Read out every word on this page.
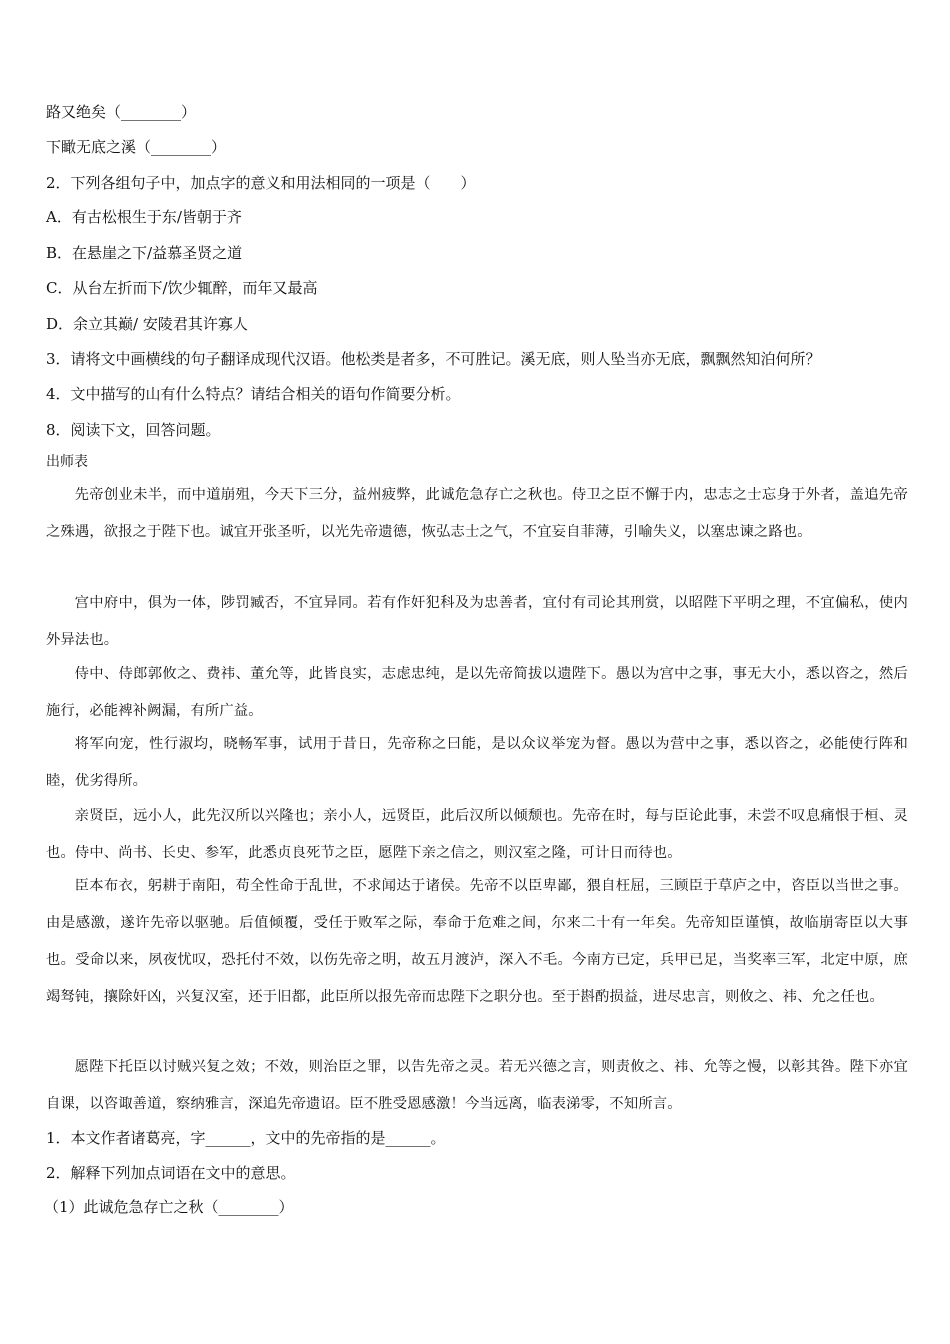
路又绝矣（________）

下瞰无底之溪（________）

2．下列各组句子中，加点字的意义和用法相同的一项是（　　）

A．有古松根生于东/皆朝于齐

B．在悬崖之下/益慕圣贤之道

C．从台左折而下/饮少辄醉，而年又最高

D．余立其巅/ 安陵君其许寡人

3．请将文中画横线的句子翻译成现代汉语。他松类是者多，不可胜记。溪无底，则人坠当亦无底，飘飘然知泊何所？

4．文中描写的山有什么特点？请结合相关的语句作简要分析。

8．阅读下文，回答问题。

出师表

先帝创业未半，而中道崩殂，今天下三分，益州疲弊，此诚危急存亡之秋也。侍卫之臣不懈于内，忠志之士忘身于外者，盖追先帝之殊遇，欲报之于陛下也。诚宜开张圣听，以光先帝遗德，恢弘志士之气，不宜妄自菲薄，引喻失义，以塞忠谏之路也。

宫中府中，俱为一体，陟罚臧否，不宜异同。若有作奸犯科及为忠善者，宜付有司论其刑赏，以昭陛下平明之理，不宜偏私，使内外异法也。

侍中、侍郎郭攸之、费祎、董允等，此皆良实，志虑忠纯，是以先帝简拔以遗陛下。愚以为宫中之事，事无大小，悉以咨之，然后施行，必能裨补阙漏，有所广益。

将军向宠，性行淑均，晓畅军事，试用于昔日，先帝称之曰能，是以众议举宠为督。愚以为营中之事，悉以咨之，必能使行阵和睦，优劣得所。

亲贤臣，远小人，此先汉所以兴隆也；亲小人，远贤臣，此后汉所以倾颓也。先帝在时，每与臣论此事，未尝不叹息痛恨于桓、灵也。侍中、尚书、长史、参军，此悉贞良死节之臣，愿陛下亲之信之，则汉室之隆，可计日而待也。

臣本布衣，躬耕于南阳，苟全性命于乱世，不求闻达于诸侯。先帝不以臣卑鄙，猥自枉屈，三顾臣于草庐之中，咨臣以当世之事。由是感激，遂许先帝以驱驰。后值倾覆，受任于败军之际，奉命于危难之间，尔来二十有一年矣。先帝知臣谨慎，故临崩寄臣以大事也。受命以来，夙夜忧叹，恐托付不效，以伤先帝之明，故五月渡泸，深入不毛。今南方已定，兵甲已足，当奖率三军，北定中原，庶竭驽钝，攘除奸凶，兴复汉室，还于旧都，此臣所以报先帝而忠陛下之职分也。至于斟酌损益，进尽忠言，则攸之、祎、允之任也。

愿陛下托臣以讨贼兴复之效；不效，则治臣之罪，以告先帝之灵。若无兴德之言，则责攸之、祎、允等之慢，以彰其咎。陛下亦宜自课，以咨诹善道，察纳雅言，深追先帝遗诏。臣不胜受恩感激！今当远离，临表涕零，不知所言。

1．本文作者诸葛亮，字______，文中的先帝指的是______。

2．解释下列加点词语在文中的意思。

（1）此诚危急存亡之秋（________）
